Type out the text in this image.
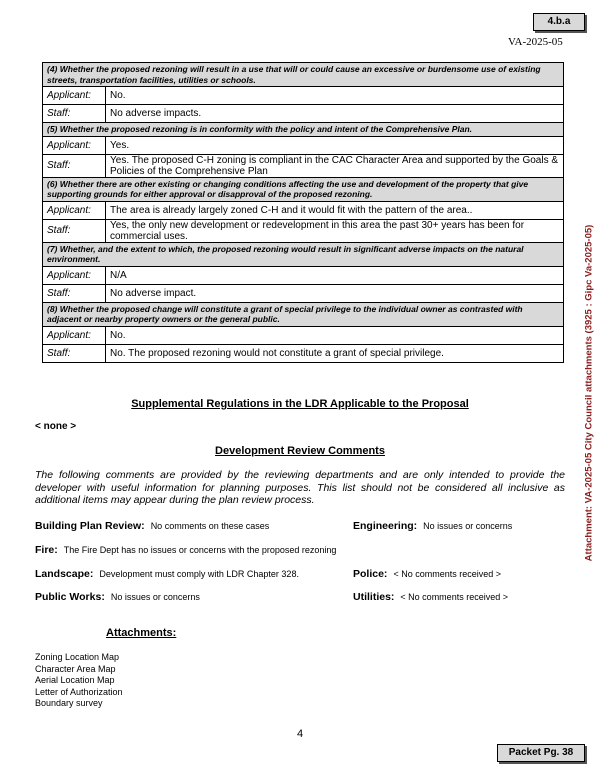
4.b.a
VA-2025-05
(4) Whether the proposed rezoning will result in a use that will or could cause an excessive or burdensome use of existing streets, transportation facilities, utilities or schools.	
Applicant:	No.
Staff:	No adverse impacts.
(5) Whether the proposed rezoning is in conformity with the policy and intent of the Comprehensive Plan.	
Applicant:	Yes.
Staff:	Yes. The proposed C-H zoning is compliant in the CAC Character Area and supported by the Goals & Policies of the Comprehensive Plan
(6) Whether there are other existing or changing conditions affecting the use and development of the property that give supporting grounds for either approval or disapproval of the proposed rezoning.	
Applicant:	The area is already largely zoned C-H and it would fit with the pattern of the area..
Staff:	Yes, the only new development or redevelopment in this area the past 30+ years has been for commercial uses.
(7) Whether, and the extent to which, the proposed rezoning would result in significant adverse impacts on the natural environment.	
Applicant:	N/A
Staff:	No adverse impact.
(8) Whether the proposed change will constitute a grant of special privilege to the individual owner as contrasted with adjacent or nearby property owners or the general public.	
Applicant:	No.
Staff:	No. The proposed rezoning would not constitute a grant of special privilege.
Supplemental Regulations in the LDR Applicable to the Proposal
< none >
Development Review Comments
The following comments are provided by the reviewing departments and are only intended to provide the developer with useful information for planning purposes. This list should not be considered all inclusive as additional items may appear during the plan review process.
Building Plan Review: No comments on these cases	Engineering: No issues or concerns
Fire: The Fire Dept has no issues or concerns with the proposed rezoning
Landscape: Development must comply with LDR Chapter 328.	Police: < No comments received >
Public Works: No issues or concerns	Utilities: < No comments received >
Attachments:
Zoning Location Map
Character Area Map
Aerial Location Map
Letter of Authorization
Boundary survey
4
Packet Pg. 38
Attachment: VA-2025-05 City Council attachments (3925 : Gipc Va-2025-05)
